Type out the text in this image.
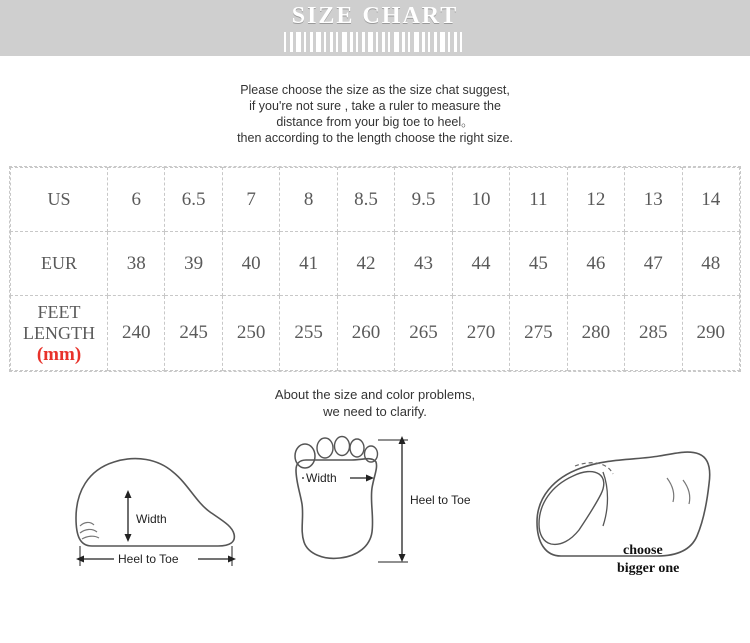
SIZE CHART
Please choose the size as the size chat suggest,
if you're not sure , take a ruler to measure the
distance from your big toe to heel。
then according to the length choose the right size.
US	6	6.5	7	8	8.5	9.5	10	11	12	13	14
EUR	38	39	40	41	42	43	44	45	46	47	48
FEET LENGTH
(mm)	240	245	250	255	260	265	270	275	280	285	290
About the size and color problems,
we need to clarify.
Width
Heel to Toe
Width
Heel to Toe
choose
bigger one
